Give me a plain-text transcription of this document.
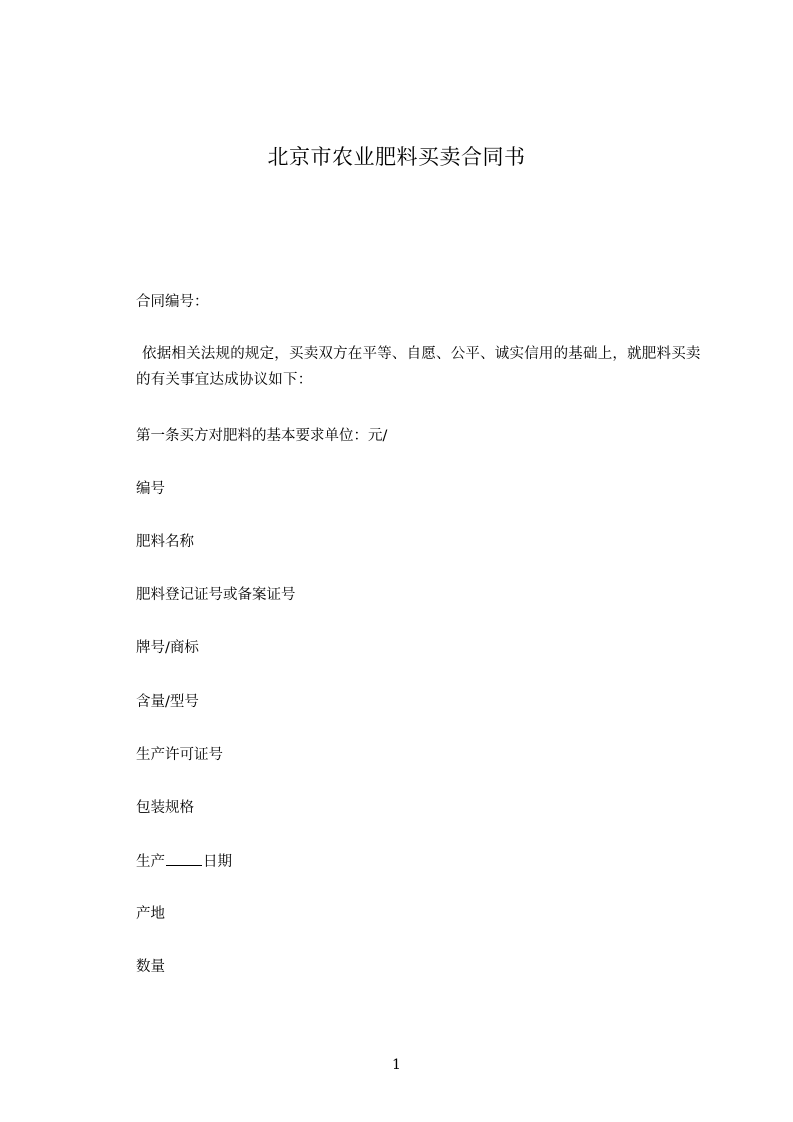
北京市农业肥料买卖合同书
合同编号：
依据相关法规的规定，买卖双方在平等、自愿、公平、诚实信用的基础上，就肥料买卖的有关事宜达成协议如下：
第一条买方对肥料的基本要求单位：元/
编号
肥料名称
肥料登记证号或备案证号
牌号/商标
含量/型号
生产许可证号
包装规格
生产	日期
产地
数量
1
